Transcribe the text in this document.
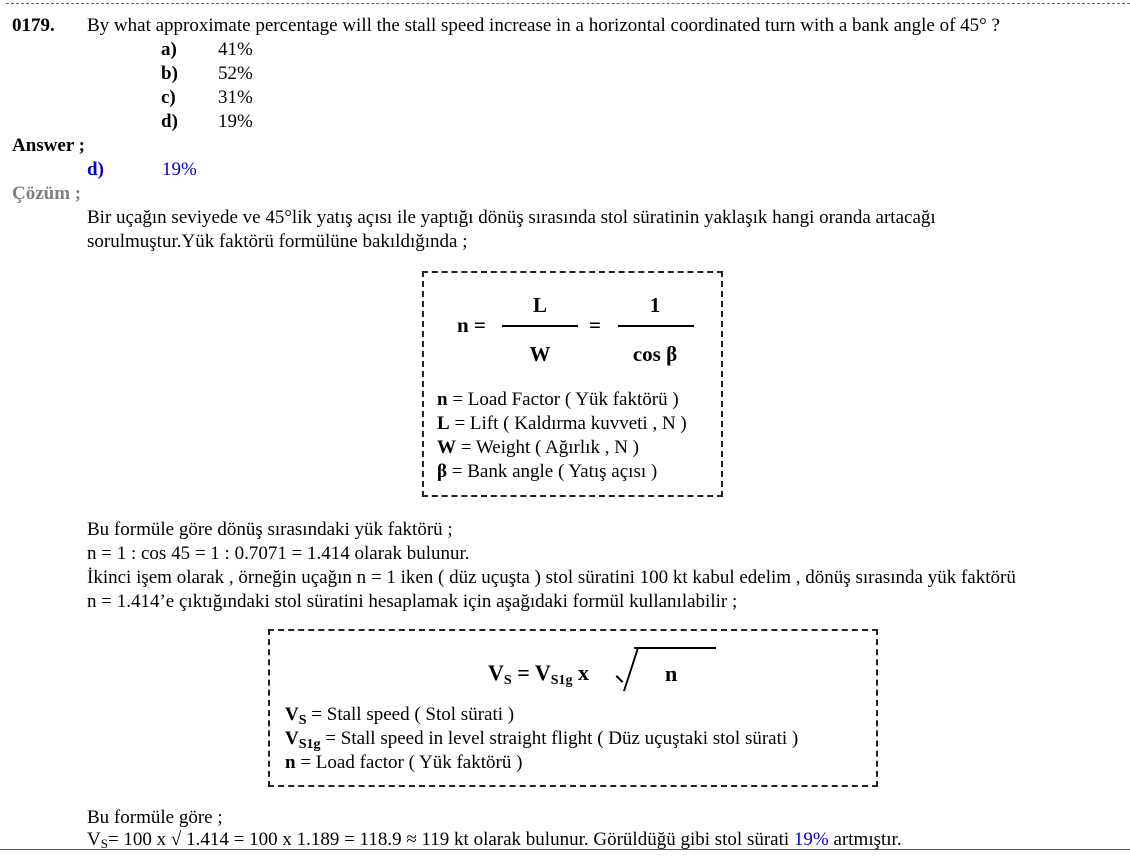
0179. By what approximate percentage will the stall speed increase in a horizontal coordinated turn with a bank angle of 45° ?
a) 41%
b) 52%
c) 31%
d) 19%
Answer ;
d)	19%
Çözüm ;
Bir uçağın seviyede ve 45°lik yatış açısı ile yaptığı dönüş sırasında stol süratinin yaklaşık hangi oranda artacağı
sorulmuştur.Yük faktörü formülüne bakıldığında ;
n =
L
W
=
1
cos β
n = Load Factor ( Yük faktörü )
L = Lift ( Kaldırma kuvveti , N )
W = Weight ( Ağırlık , N )
β = Bank angle ( Yatış açısı )
Bu formüle göre dönüş sırasındaki yük faktörü ;
n = 1 : cos 45 = 1 : 0.7071 = 1.414 olarak bulunur.
İkinci işem olarak , örneğin uçağın n = 1 iken ( düz uçuşta ) stol süratini 100 kt kabul edelim , dönüş sırasında yük faktörü
n = 1.414’e çıktığındaki stol süratini hesaplamak için aşağıdaki formül kullanılabilir ;
$V_S = V_{S1g}$ x	n
$V_S$ = Stall speed ( Stol sürati )
$V_{S1g}$ = Stall speed in level straight flight ( Düz uçuştaki stol sürati )
n = Load factor ( Yük faktörü )
Bu formüle göre ;
VS= 100 x √ 1.414 = 100 x 1.189 = 118.9 ≈ 119 kt olarak bulunur. Görüldüğü gibi stol sürati 19% artmıştır.
